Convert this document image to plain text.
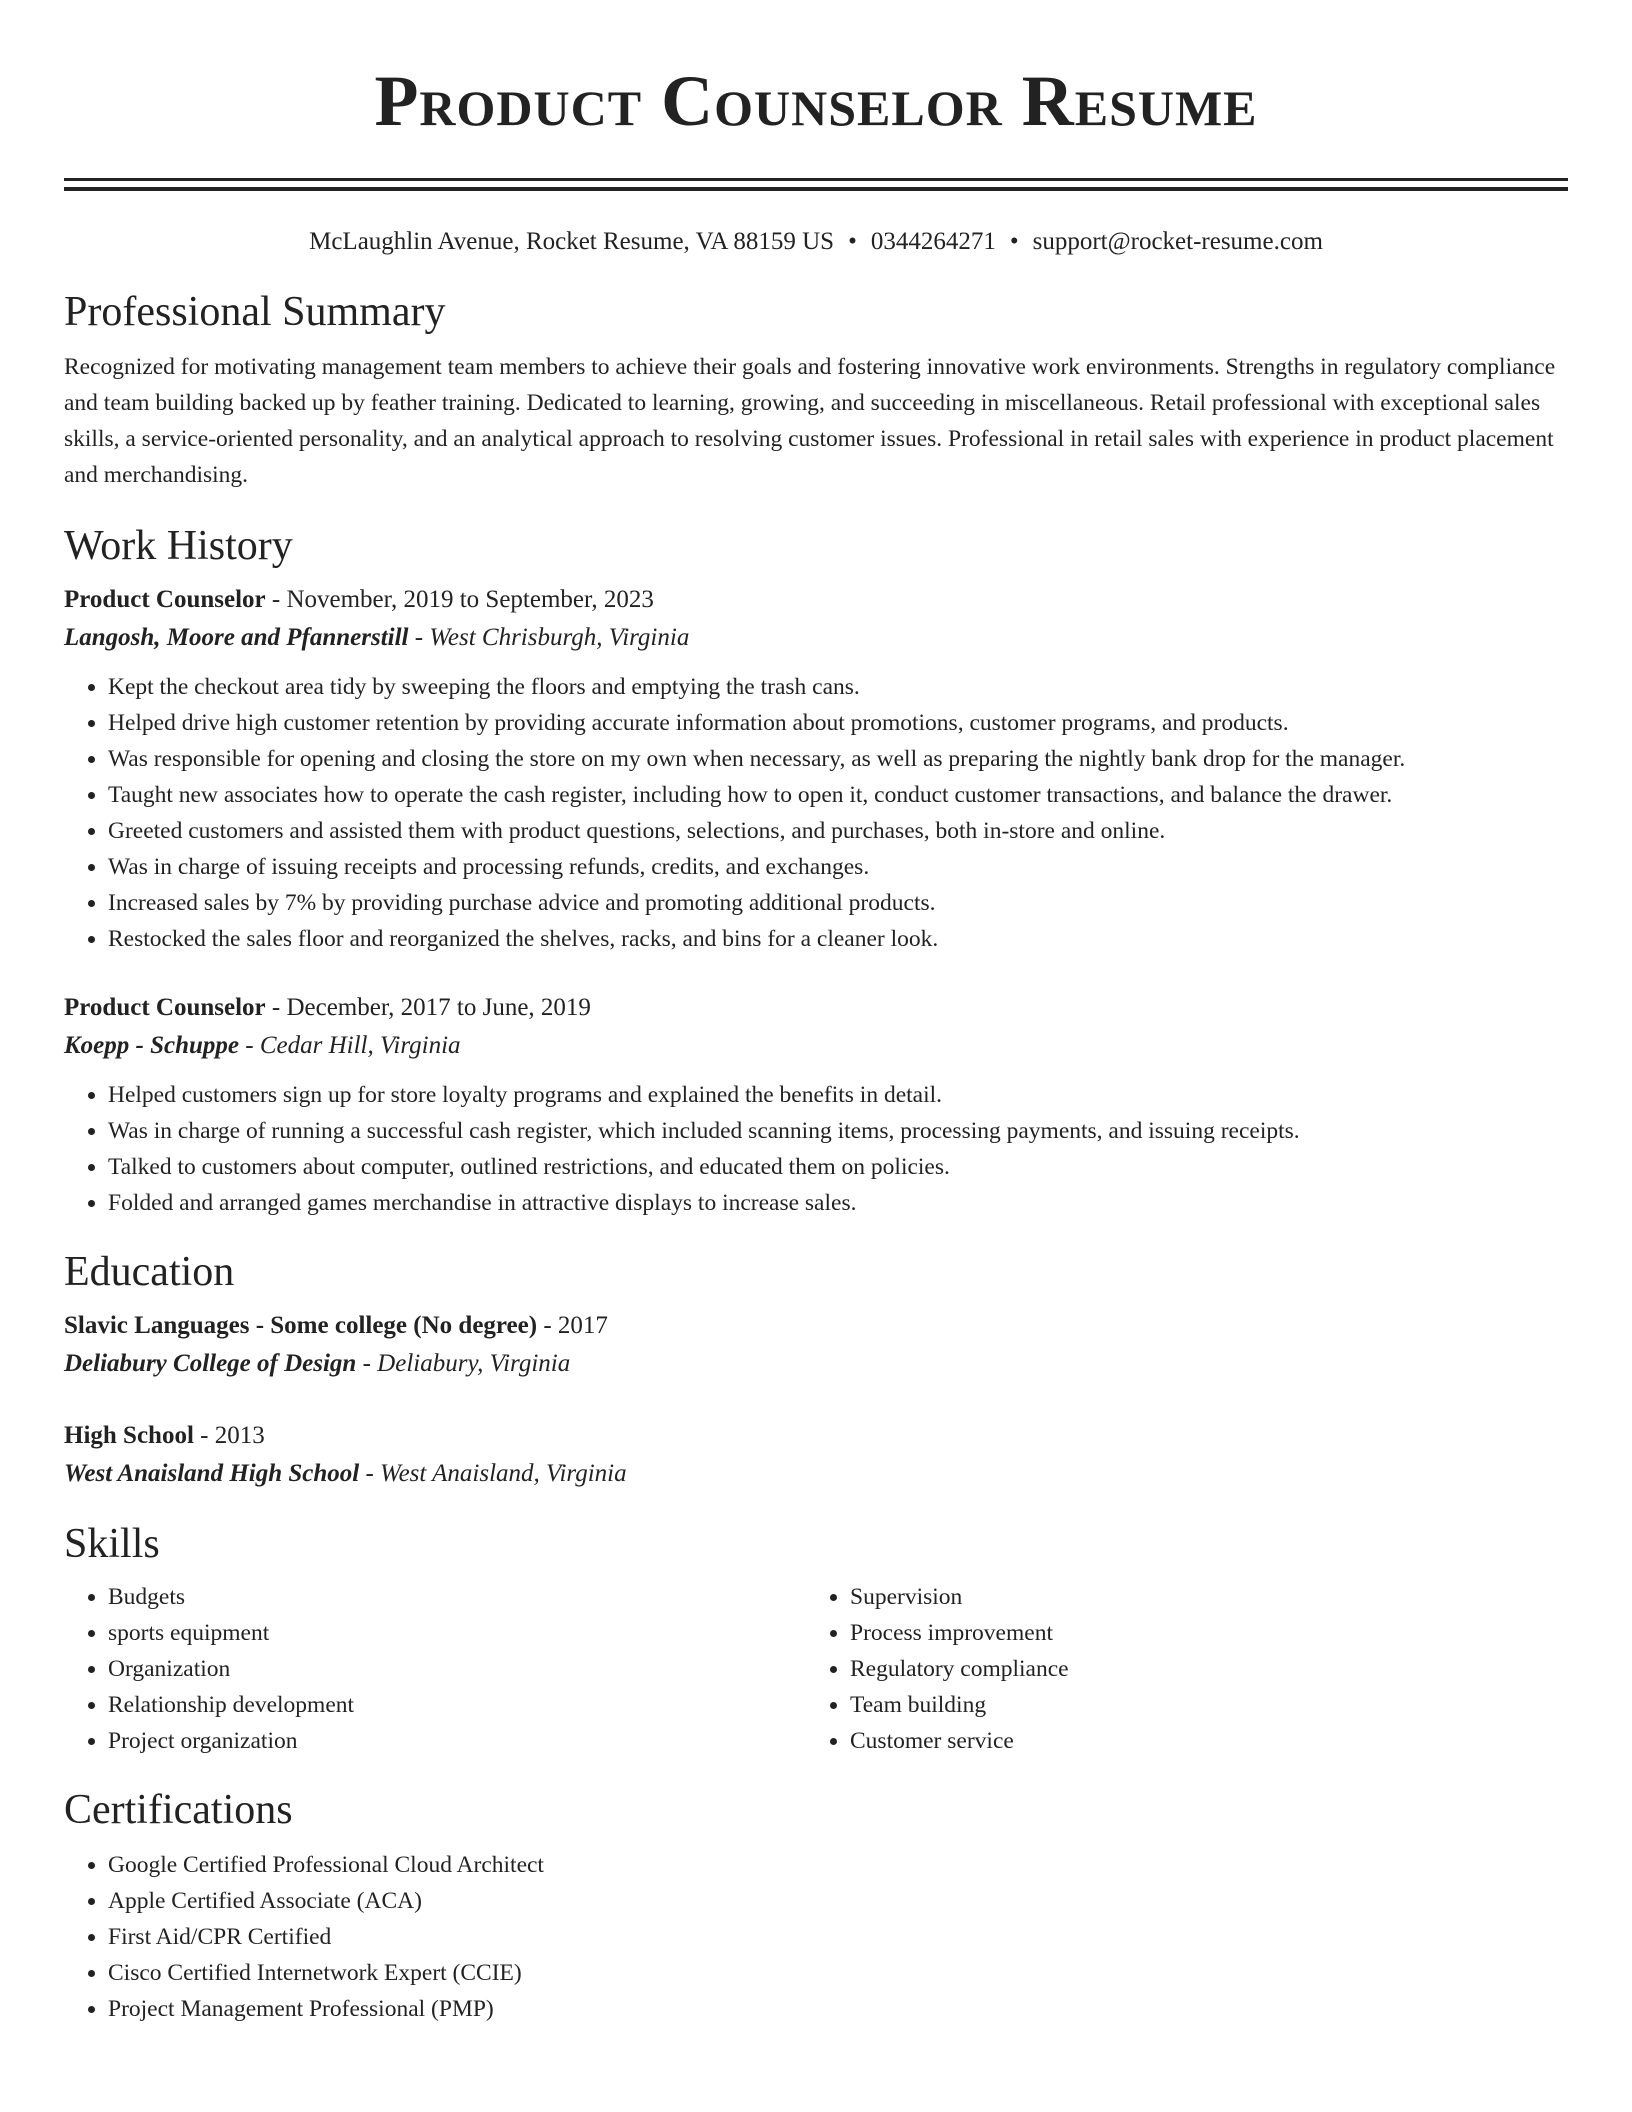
Product Counselor Resume
McLaughlin Avenue, Rocket Resume, VA 88159 US • 0344264271 • support@rocket-resume.com
Professional Summary

Recognized for motivating management team members to achieve their goals and fostering innovative work environments. Strengths in regulatory compliance and team building backed up by feather training. Dedicated to learning, growing, and succeeding in miscellaneous. Retail professional with exceptional sales skills, a service-oriented personality, and an analytical approach to resolving customer issues. Professional in retail sales with experience in product placement and merchandising.

Work History
Product Counselor - November, 2019 to September, 2023
Langosh, Moore and Pfannerstill - West Chrisburgh, Virginia
• Kept the checkout area tidy by sweeping the floors and emptying the trash cans.
• Helped drive high customer retention by providing accurate information about promotions, customer programs, and products.
• Was responsible for opening and closing the store on my own when necessary, as well as preparing the nightly bank drop for the manager.
• Taught new associates how to operate the cash register, including how to open it, conduct customer transactions, and balance the drawer.
• Greeted customers and assisted them with product questions, selections, and purchases, both in-store and online.
• Was in charge of issuing receipts and processing refunds, credits, and exchanges.
• Increased sales by 7% by providing purchase advice and promoting additional products.
• Restocked the sales floor and reorganized the shelves, racks, and bins for a cleaner look.
Product Counselor - December, 2017 to June, 2019
Koepp - Schuppe - Cedar Hill, Virginia
• Helped customers sign up for store loyalty programs and explained the benefits in detail.
• Was in charge of running a successful cash register, which included scanning items, processing payments, and issuing receipts.
• Talked to customers about computer, outlined restrictions, and educated them on policies.
• Folded and arranged games merchandise in attractive displays to increase sales.
Education
Slavic Languages - Some college (No degree) - 2017
Deliabury College of Design - Deliabury, Virginia
High School - 2013
West Anaisland High School - West Anaisland, Virginia
Skills
• Budgets
• sports equipment
• Organization
• Relationship development
• Project organization
• Supervision
• Process improvement
• Regulatory compliance
• Team building
• Customer service
Certifications
• Google Certified Professional Cloud Architect
• Apple Certified Associate (ACA)
• First Aid/CPR Certified
• Cisco Certified Internetwork Expert (CCIE)
• Project Management Professional (PMP)
